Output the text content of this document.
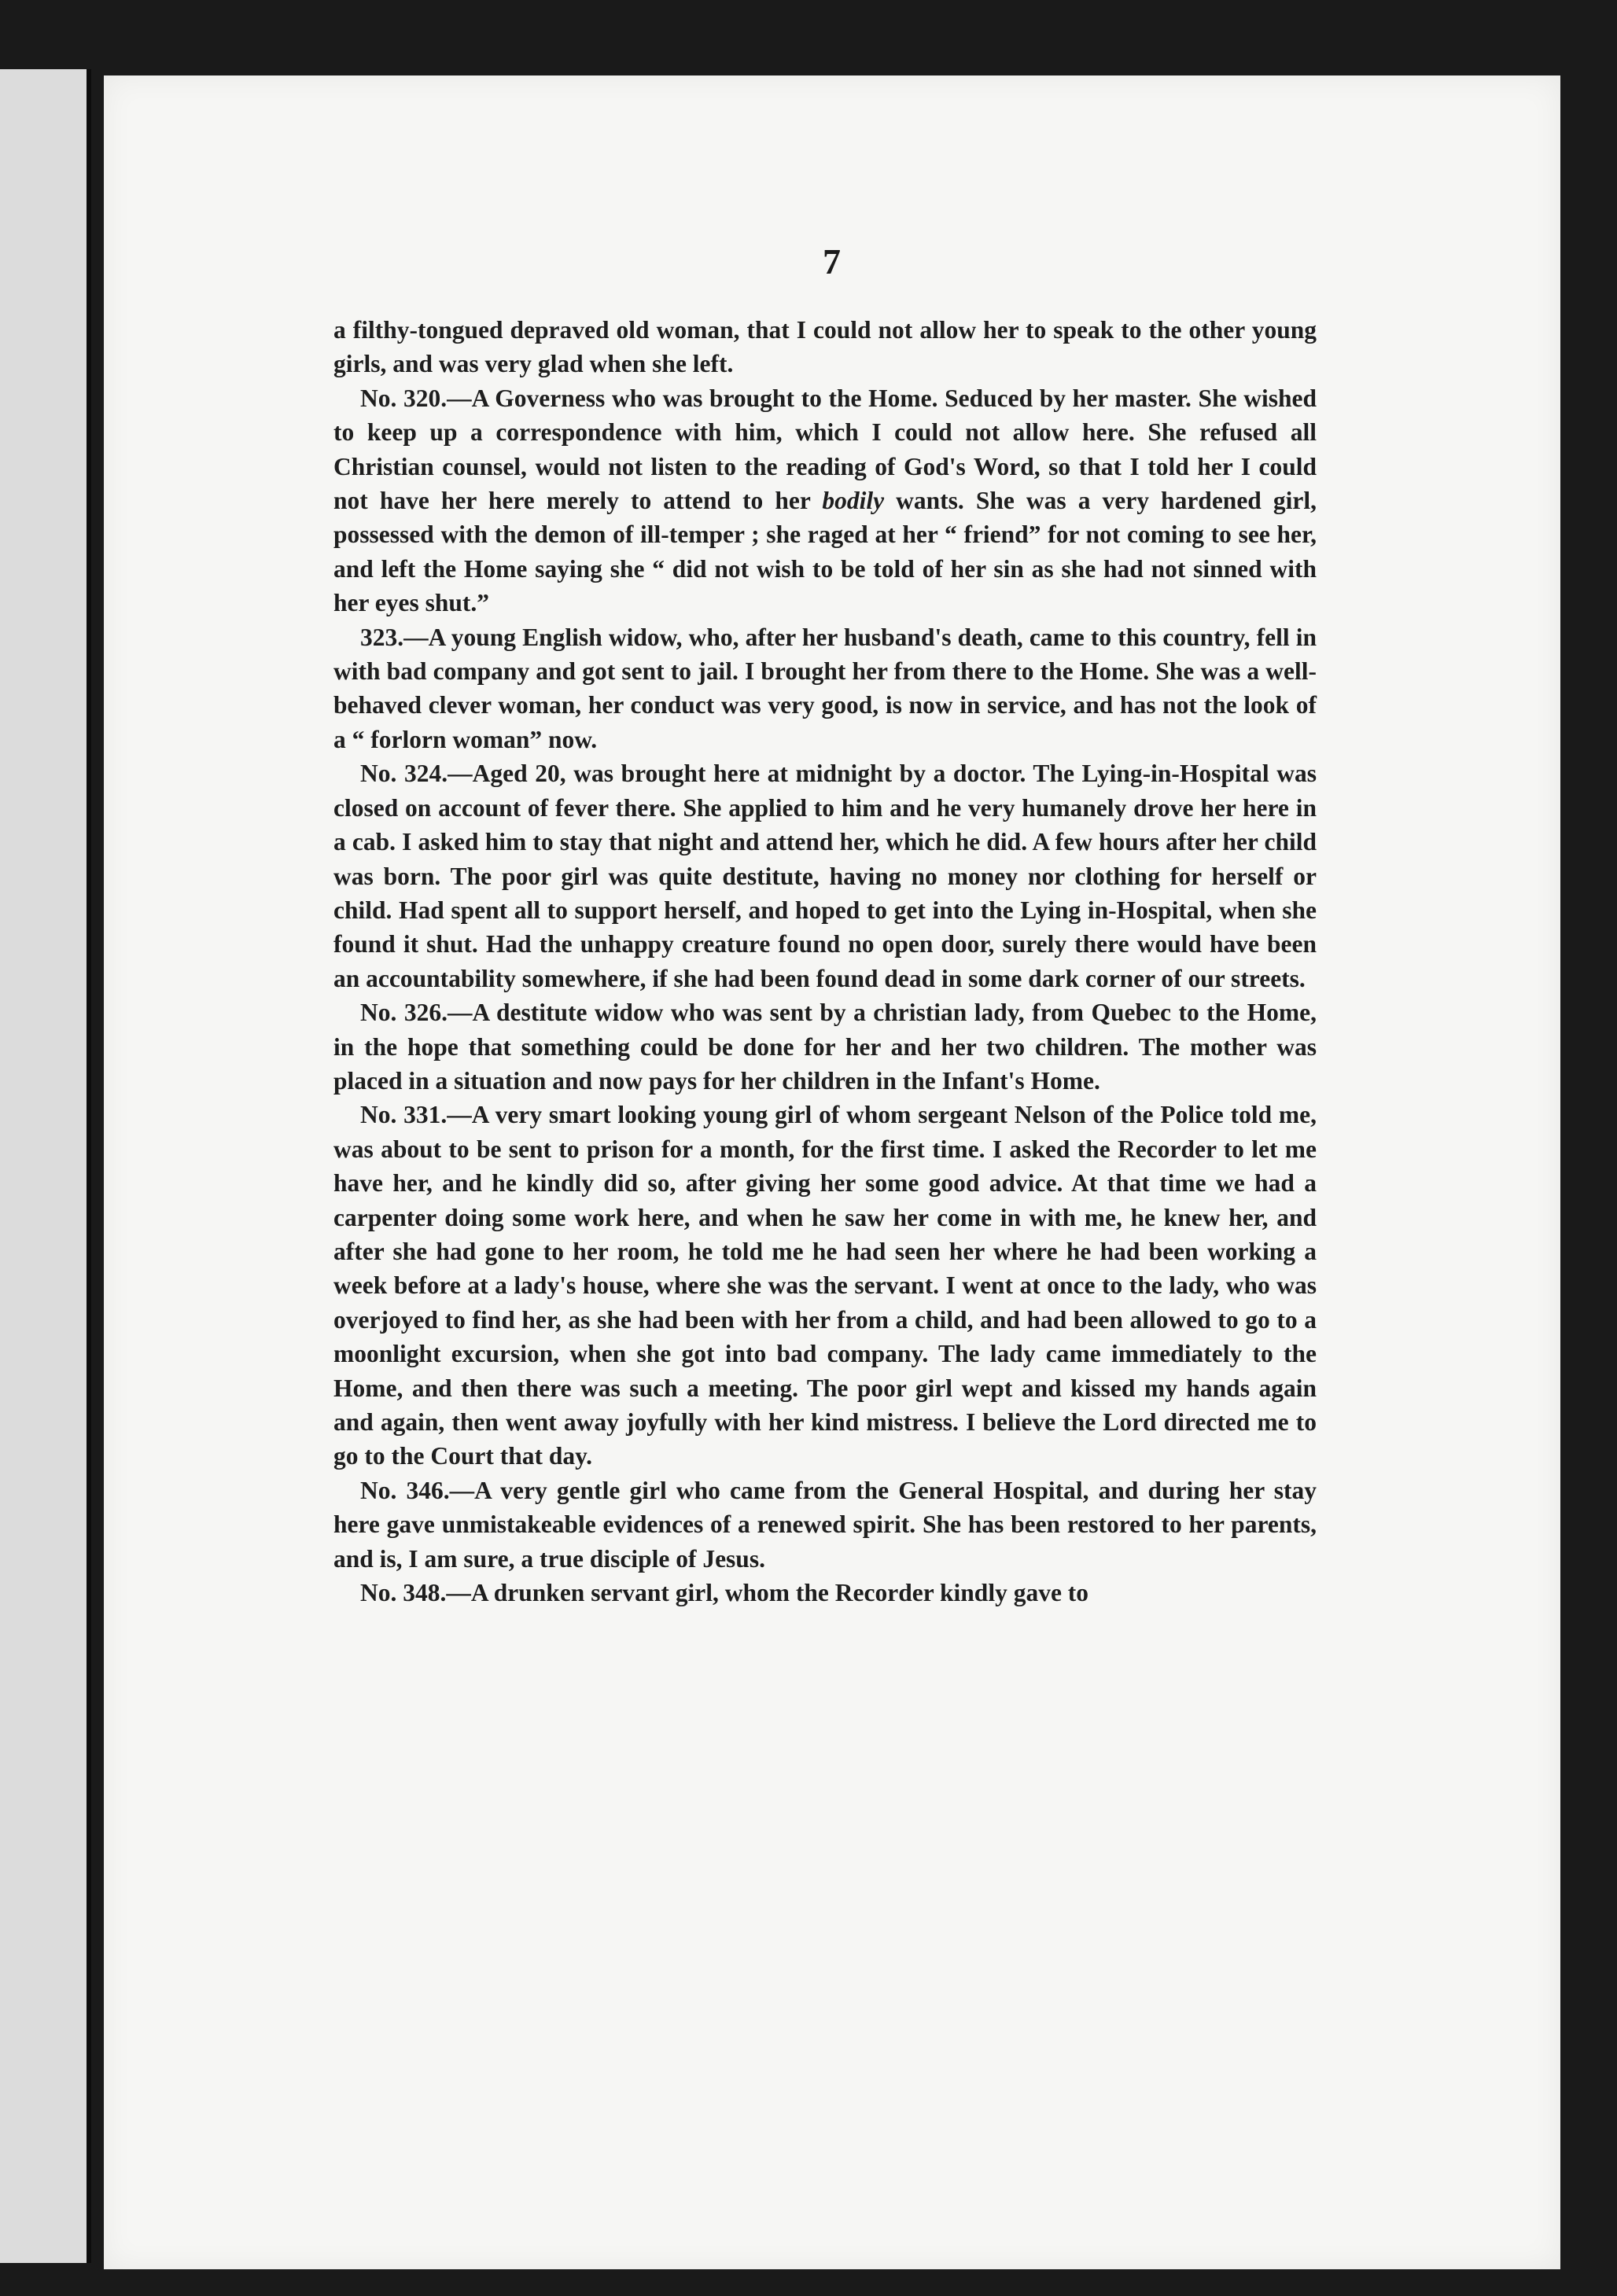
7

a filthy-tongued depraved old woman, that I could not allow her to speak to the other young girls, and was very glad when she left.

No. 320.—A Governess who was brought to the Home. Seduced by her master. She wished to keep up a correspondence with him, which I could not allow here. She refused all Christian counsel, would not listen to the reading of God's Word, so that I told her I could not have her here merely to attend to her bodily wants. She was a very hardened girl, possessed with the demon of ill-temper ; she raged at her “ friend” for not coming to see her, and left the Home saying she “ did not wish to be told of her sin as she had not sinned with her eyes shut.”

323.—A young English widow, who, after her husband's death, came to this country, fell in with bad company and got sent to jail. I brought her from there to the Home. She was a well-behaved clever woman, her conduct was very good, is now in service, and has not the look of a “ forlorn woman” now.

No. 324.—Aged 20, was brought here at midnight by a doctor. The Lying-in-Hospital was closed on account of fever there. She applied to him and he very humanely drove her here in a cab. I asked him to stay that night and attend her, which he did. A few hours after her child was born. The poor girl was quite destitute, having no money nor clothing for herself or child. Had spent all to support herself, and hoped to get into the Lying in-Hospital, when she found it shut. Had the unhappy creature found no open door, surely there would have been an accountability somewhere, if she had been found dead in some dark corner of our streets.

No. 326.—A destitute widow who was sent by a christian lady, from Quebec to the Home, in the hope that something could be done for her and her two children. The mother was placed in a situation and now pays for her children in the Infant's Home.

No. 331.—A very smart looking young girl of whom sergeant Nelson of the Police told me, was about to be sent to prison for a month, for the first time. I asked the Recorder to let me have her, and he kindly did so, after giving her some good advice. At that time we had a carpenter doing some work here, and when he saw her come in with me, he knew her, and after she had gone to her room, he told me he had seen her where he had been working a week before at a lady's house, where she was the servant. I went at once to the lady, who was overjoyed to find her, as she had been with her from a child, and had been allowed to go to a moonlight excursion, when she got into bad company. The lady came immediately to the Home, and then there was such a meeting. The poor girl wept and kissed my hands again and again, then went away joyfully with her kind mistress. I believe the Lord directed me to go to the Court that day.

No. 346.—A very gentle girl who came from the General Hospital, and during her stay here gave unmistakeable evidences of a renewed spirit. She has been restored to her parents, and is, I am sure, a true disciple of Jesus.

No. 348.—A drunken servant girl, whom the Recorder kindly gave to
